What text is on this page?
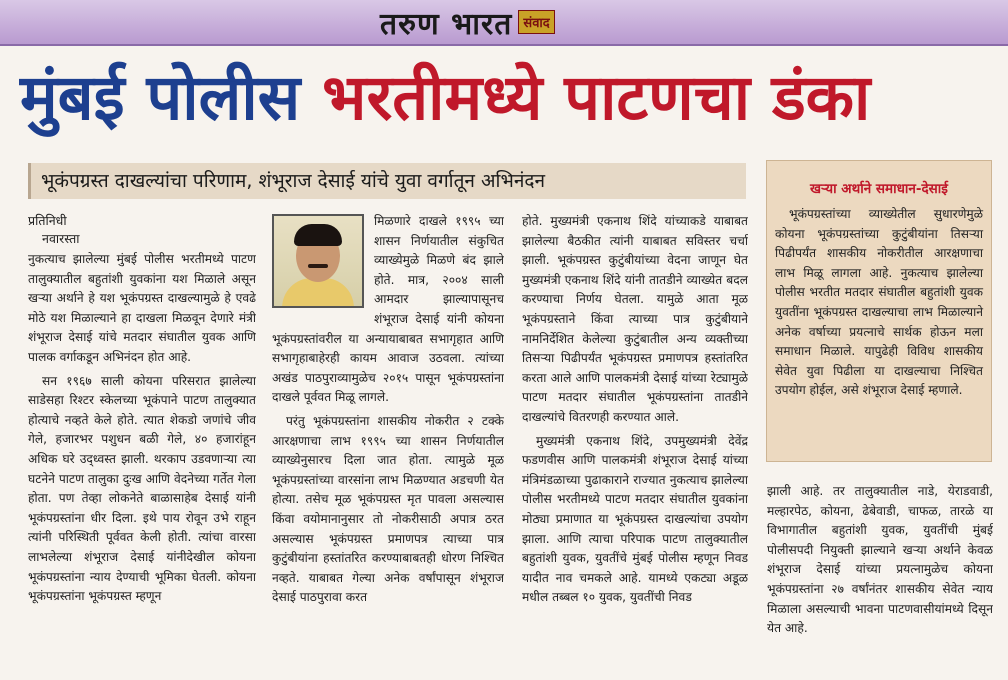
तरुण भारत संवाद
मुंबई पोलीस भरतीमध्ये पाटणचा डंका
भूकंपग्रस्त दाखल्यांचा परिणाम, शंभूराज देसाई यांचे युवा वर्गातून अभिनंदन
प्रतिनिधी
नवारस्ता

नुकत्याच झालेल्या मुंबई पोलीस भरतीमध्ये पाटण तालुक्यातील बहुतांशी युवकांना यश मिळाले असून खऱ्या अर्थाने हे यश भूकंपग्रस्त दाखल्यामुळे हे एवढे मोठे यश मिळाल्याने हा दाखला मिळवून देणारे मंत्री शंभूराज देसाई यांचे मतदार संघातील युवक आणि पालक वर्गाकडून अभिनंदन होत आहे.

सन १९६७ साली कोयना परिसरात झालेल्या साडेसहा रिश्टर स्केलच्या भूकंपाने पाटण तालुक्यात होत्याचे नव्हते केले होते. त्यात शेकडो जणांचे जीव गेले, हजारभर पशुधन बळी गेले, ४० हजारांहून अधिक घरे उद्ध्वस्त झाली. थरकाप उडवणाऱ्या त्या घटनेने पाटण तालुका दुःख आणि वेदनेच्या गर्तेत गेला होता. पण तेव्हा लोकनेते बाळासाहेब देसाई यांनी भूकंपग्रस्तांना धीर दिला. इथे पाय रोवून उभे राहून त्यांनी परिस्थिती पूर्ववत केली होती. त्यांचा वारसा लाभलेल्या शंभूराज देसाई यांनीदेखील कोयना भूकंपग्रस्तांना न्याय देण्याची भूमिका घेतली. कोयना भूकंपग्रस्तांना भूकंपग्रस्त म्हणून

मिळणारे दाखले १९९५ च्या शासन निर्णयातील संकुचित व्याख्येमुळे मिळणे बंद झाले होते. मात्र, २००४ साली आमदार झाल्यापासूनच शंभूराज देसाई यांनी कोयना भूकंपग्रस्तांवरील या अन्यायाबाबत सभागृहात आणि सभागृहाबाहेरही कायम आवाज उठवला. त्यांच्या अखंड पाठपुराव्यामुळेच २०१५ पासून भूकंपग्रस्तांना दाखले पूर्ववत मिळू लागले.

परंतु भूकंपग्रस्तांना शासकीय नोकरीत २ टक्के आरक्षणाचा लाभ १९९५ च्या शासन निर्णयातील व्याख्येनुसारच दिला जात होता. त्यामुळे मूळ भूकंपग्रस्तांच्या वारसांना लाभ मिळण्यात अडचणी येत होत्या. तसेच मूळ भूकंपग्रस्त मृत पावला असल्यास किंवा वयोमानानुसार तो नोकरीसाठी अपात्र ठरत असल्यास भूकंपग्रस्त प्रमाणपत्र त्याच्या पात्र कुटुंबीयांना हस्तांतरित करण्याबाबतही धोरण निश्चित नव्हते. याबाबत गेल्या अनेक वर्षांपासून शंभूराज देसाई पाठपुरावा करत

होते. मुख्यमंत्री एकनाथ शिंदे यांच्याकडे याबाबत झालेल्या बैठकीत त्यांनी याबाबत सविस्तर चर्चा झाली. भूकंपग्रस्त कुटुंबीयांच्या वेदना जाणून घेत मुख्यमंत्री एकनाथ शिंदे यांनी तातडीने व्याख्येत बदल करण्याचा निर्णय घेतला. यामुळे आता मूळ भूकंपग्रस्ताने किंवा त्याच्या पात्र कुटुंबीयाने नामनिर्देशित केलेल्या कुटुंबातील अन्य व्यक्तीच्या तिसऱ्या पिढीपर्यंत भूकंपग्रस्त प्रमाणपत्र हस्तांतरित करता आले आणि पालकमंत्री देसाई यांच्या रेट्यामुळे पाटण मतदार संघातील भूकंपग्रस्तांना तातडीने दाखल्यांचे वितरणही करण्यात आले.

मुख्यमंत्री एकनाथ शिंदे, उपमुख्यमंत्री देवेंद्र फडणवीस आणि पालकमंत्री शंभूराज देसाई यांच्या मंत्रिमंडळाच्या पुढाकाराने राज्यात नुकत्याच झालेल्या पोलीस भरतीमध्ये पाटण मतदार संघातील युवकांना मोठ्या प्रमाणात या भूकंपग्रस्त दाखल्यांचा उपयोग झाला. आणि त्याचा परिपाक पाटण तालुक्यातील बहुतांशी युवक, युवतींचे मुंबई पोलीस म्हणून निवड यादीत नाव चमकले आहे. यामध्ये एकट्या अडूळ मधील तब्बल १० युवक, युवतींची निवड

खऱ्या अर्थाने समाधान-देसाई

भूकंपग्रस्तांच्या व्याख्येतील सुधारणेमुळे कोयना भूकंपग्रस्तांच्या कुटुंबीयांना तिसऱ्या पिढीपर्यंत शासकीय नोकरीतील आरक्षणाचा लाभ मिळू लागला आहे. नुकत्याच झालेल्या पोलीस भरतीत मतदार संघातील बहुतांशी युवक युवतींना भूकंपग्रस्त दाखल्याचा लाभ मिळाल्याने अनेक वर्षाच्या प्रयत्नाचे सार्थक होऊन मला समाधान मिळाले. यापुढेही विविध शासकीय सेवेत युवा पिढीला या दाखल्याचा निश्चित उपयोग होईल, असे शंभूराज देसाई म्हणाले.

झाली आहे. तर तालुक्यातील नाडे, येराडवाडी, मल्हारपेठ, कोयना, ढेबेवाडी, चाफळ, तारळे या विभागातील बहुतांशी युवक, युवतींची मुंबई पोलीसपदी नियुक्ती झाल्याने खऱ्या अर्थाने केवळ शंभूराज देसाई यांच्या प्रयत्नामुळेच कोयना भूकंपग्रस्तांना २७ वर्षांनंतर शासकीय सेवेत न्याय मिळाला असल्याची भावना पाटणवासीयांमध्ये दिसून येत आहे.
